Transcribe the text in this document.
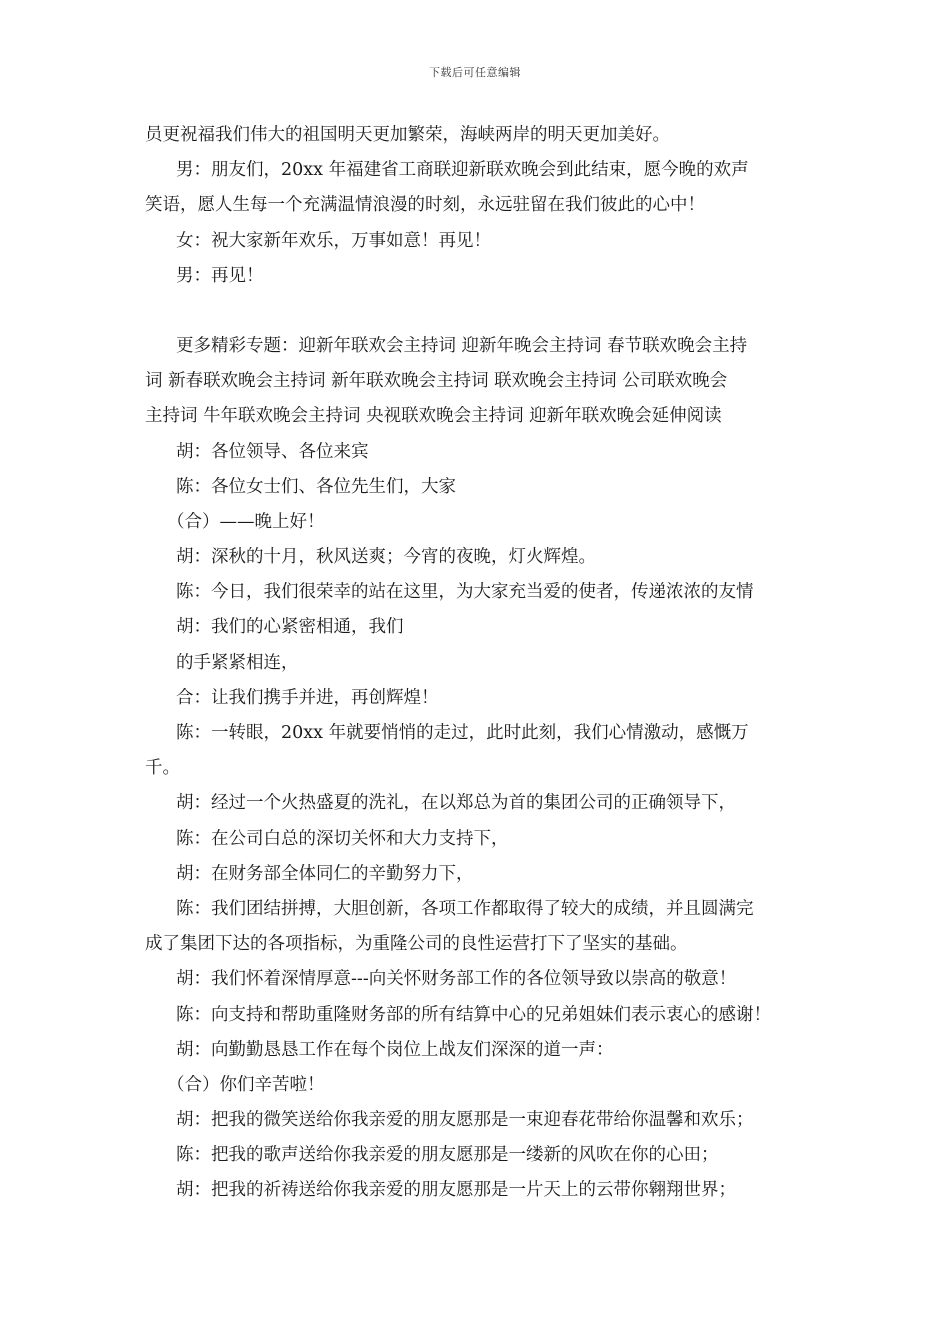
下载后可任意编辑
员更祝福我们伟大的祖国明天更加繁荣，海峡两岸的明天更加美好。
男：朋友们，20xx 年福建省工商联迎新联欢晚会到此结束，愿今晚的欢声
笑语，愿人生每一个充满温情浪漫的时刻，永远驻留在我们彼此的心中！
女：祝大家新年欢乐，万事如意！再见！
男：再见！
更多精彩专题：迎新年联欢会主持词 迎新年晚会主持词 春节联欢晚会主持
词 新春联欢晚会主持词 新年联欢晚会主持词 联欢晚会主持词 公司联欢晚会
主持词 牛年联欢晚会主持词 央视联欢晚会主持词 迎新年联欢晚会延伸阅读
胡：各位领导、各位来宾
陈：各位女士们、各位先生们，大家
（合）——晚上好！
胡：深秋的十月，秋风送爽；今宵的夜晚，灯火辉煌。
陈：今日，我们很荣幸的站在这里，为大家充当爱的使者，传递浓浓的友情
胡：我们的心紧密相通，我们
的手紧紧相连，
合：让我们携手并进，再创辉煌！
陈：一转眼，20xx 年就要悄悄的走过，此时此刻，我们心情激动，感慨万
千。
胡：经过一个火热盛夏的洗礼，在以郑总为首的集团公司的正确领导下，
陈：在公司白总的深切关怀和大力支持下，
胡：在财务部全体同仁的辛勤努力下，
陈：我们团结拼搏，大胆创新，各项工作都取得了较大的成绩，并且圆满完
成了集团下达的各项指标，为重隆公司的良性运营打下了坚实的基础。
胡：我们怀着深情厚意---向关怀财务部工作的各位领导致以崇高的敬意！
陈：向支持和帮助重隆财务部的所有结算中心的兄弟姐妹们表示衷心的感谢！
胡：向勤勤恳恳工作在每个岗位上战友们深深的道一声：
（合）你们辛苦啦！
胡：把我的微笑送给你我亲爱的朋友愿那是一束迎春花带给你温馨和欢乐；
陈：把我的歌声送给你我亲爱的朋友愿那是一缕新的风吹在你的心田；
胡：把我的祈祷送给你我亲爱的朋友愿那是一片天上的云带你翱翔世界；
